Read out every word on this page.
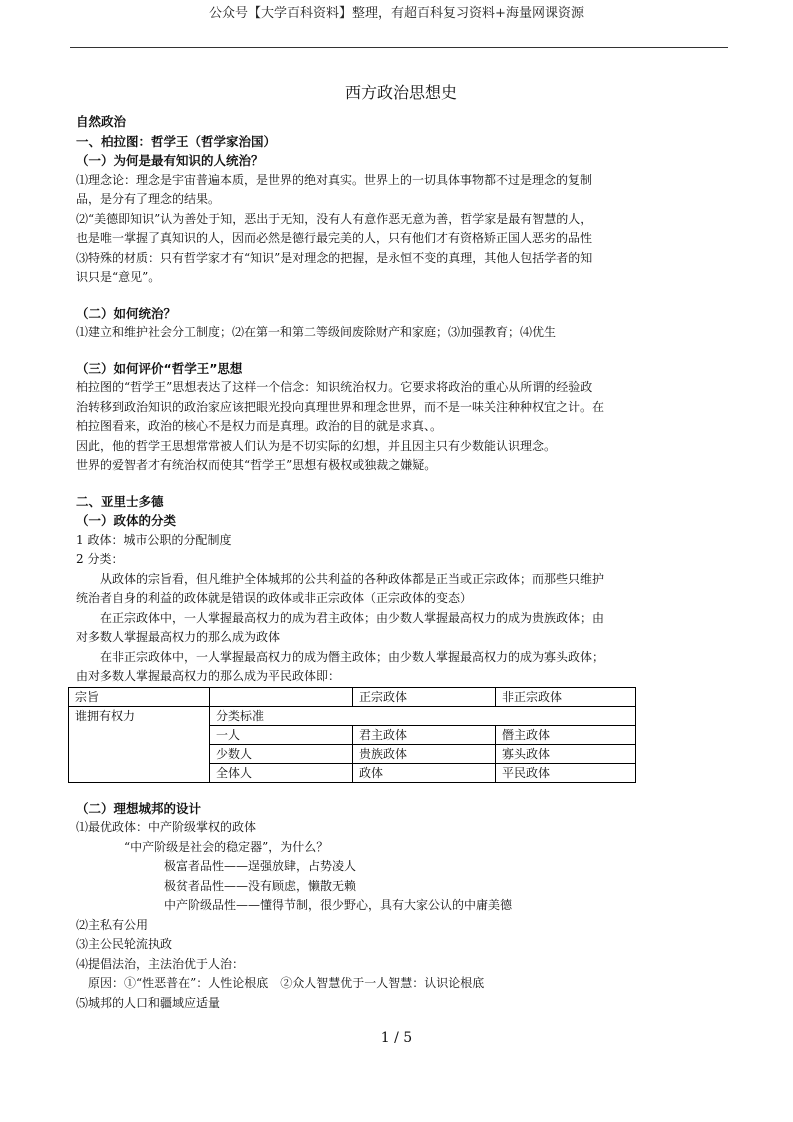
公众号【大学百科资料】整理，有超百科复习资料+海量网课资源
西方政治思想史
自然政治
一、柏拉图：哲学王（哲学家治国）
（一）为何是最有知识的人统治？

⑴理念论：理念是宇宙普遍本质，是世界的绝对真实。世界上的一切具体事物都不过是理念的复制

品，是分有了理念的结果。

⑵“美德即知识”认为善处于知，恶出于无知，没有人有意作恶无意为善，哲学家是最有智慧的人，

也是唯一掌握了真知识的人，因而必然是德行最完美的人，只有他们才有资格矫正国人恶劣的品性

⑶特殊的材质：只有哲学家才有“知识”是对理念的把握，是永恒不变的真理，其他人包括学者的知

识只是“意见”。

（二）如何统治？

⑴建立和维护社会分工制度；⑵在第一和第二等级间废除财产和家庭；⑶加强教育；⑷优生

（三）如何评价“哲学王”思想

柏拉图的“哲学王”思想表达了这样一个信念：知识统治权力。它要求将政治的重心从所谓的经验政

治转移到政治知识的政治家应该把眼光投向真理世界和理念世界，而不是一味关注种种权宜之计。在

柏拉图看来，政治的核心不是权力而是真理。政治的目的就是求真、。

因此，他的哲学王思想常常被人们认为是不切实际的幻想，并且因主只有少数能认识理念。

世界的爱智者才有统治权而使其“哲学王”思想有极权或独裁之嫌疑。

二、亚里士多德
（一）政体的分类

1 政体：城市公职的分配制度

2 分类：

从政体的宗旨看，但凡维护全体城邦的公共利益的各种政体都是正当或正宗政体；而那些只维护

统治者自身的利益的政体就是错误的政体或非正宗政体（正宗政体的变态）

在正宗政体中，一人掌握最高权力的成为君主政体；由少数人掌握最高权力的成为贵族政体；由

对多数人掌握最高权力的那么成为政体

在非正宗政体中，一人掌握最高权力的成为僭主政体；由少数人掌握最高权力的成为寡头政体；

由对多数人掌握最高权力的那么成为平民政体即：

宗旨		正宗政体	非正宗政体
谁拥有权力	分类标准		
	一人	君主政体	僭主政体
	少数人	贵族政体	寡头政体
	全体人	政体	平民政体
（二）理想城邦的设计

⑴最优政体：中产阶级掌权的政体

“中产阶级是社会的稳定器”，为什么？

极富者品性——逞强放肆，占势凌人

极贫者品性——没有顾虑，懒散无赖

中产阶级品性——懂得节制，很少野心，具有大家公认的中庸美德

⑵主私有公用

⑶主公民轮流执政

⑷提倡法治，主法治优于人治：

原因：①“性恶普在”：人性论根底　②众人智慧优于一人智慧：认识论根底

⑸城邦的人口和疆域应适量

1 / 5
